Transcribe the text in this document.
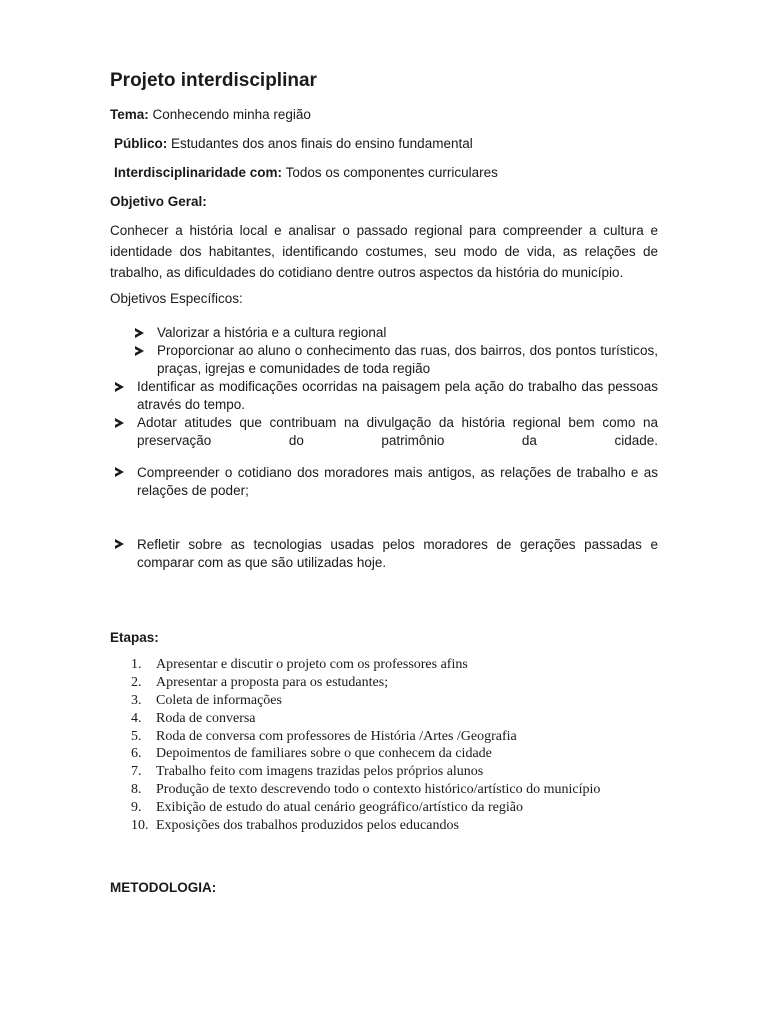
Projeto interdisciplinar
Tema: Conhecendo minha região
Público: Estudantes dos anos finais do ensino fundamental
Interdisciplinaridade com: Todos os componentes curriculares
Objetivo Geral:
Conhecer a história local e analisar o passado regional para compreender a cultura e identidade dos habitantes, identificando costumes, seu modo de vida, as relações de trabalho, as dificuldades do cotidiano dentre outros aspectos da história do município.
Objetivos Específicos:
Valorizar a história e a cultura regional
Proporcionar ao aluno o conhecimento das ruas, dos bairros, dos pontos turísticos, praças, igrejas e comunidades de toda região
Identificar as modificações ocorridas na paisagem pela ação do trabalho das pessoas através do tempo.
Adotar atitudes que contribuam na divulgação da história regional bem como na preservação do patrimônio da cidade.
Compreender o cotidiano dos moradores mais antigos, as relações de trabalho e as relações de poder;
Refletir sobre as tecnologias usadas pelos moradores de gerações passadas e comparar com as que são utilizadas hoje.
Etapas:
1. Apresentar e discutir o projeto com os professores afins
2. Apresentar a proposta para os estudantes;
3. Coleta de informações
4. Roda de conversa
5. Roda de conversa com professores de História /Artes /Geografia
6. Depoimentos de familiares sobre o que conhecem da cidade
7. Trabalho feito com imagens trazidas pelos próprios alunos
8. Produção de texto descrevendo todo o contexto histórico/artístico do município
9. Exibição de estudo do atual cenário geográfico/artístico da região
10. Exposições dos trabalhos produzidos pelos educandos
METODOLOGIA:
